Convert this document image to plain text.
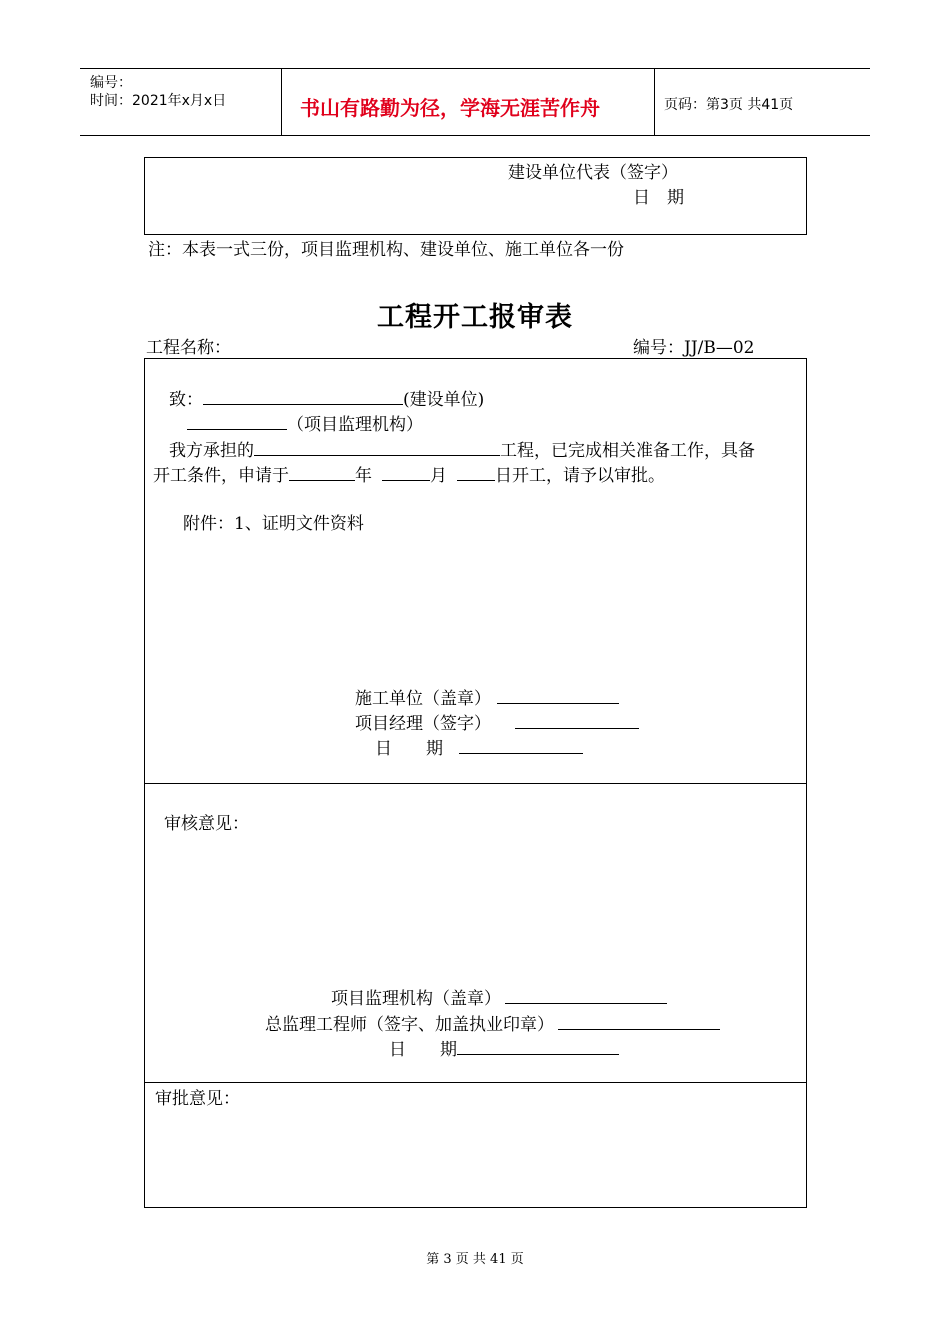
编号：
时间：2021年x月x日	书山有路勤为径，学海无涯苦作舟	页码：第3页 共41页
建设单位代表（签字）
日　期
注：本表一式三份，项目监理机构、建设单位、施工单位各一份
工程开工报审表
工程名称：	编号：JJ/B—02
致：	(建设单位)
（项目监理机构）
我方承担的	工程，已完成相关准备工作，具备
开工条件，申请于	年	月	日开工，请予以审批。
附件：1、证明文件资料
施工单位（盖章）
项目经理（签字）
日　　期
审核意见：
项目监理机构（盖章）
总监理工程师（签字、加盖执业印章）
日　　期
审批意见：
第 3 页 共 41 页
